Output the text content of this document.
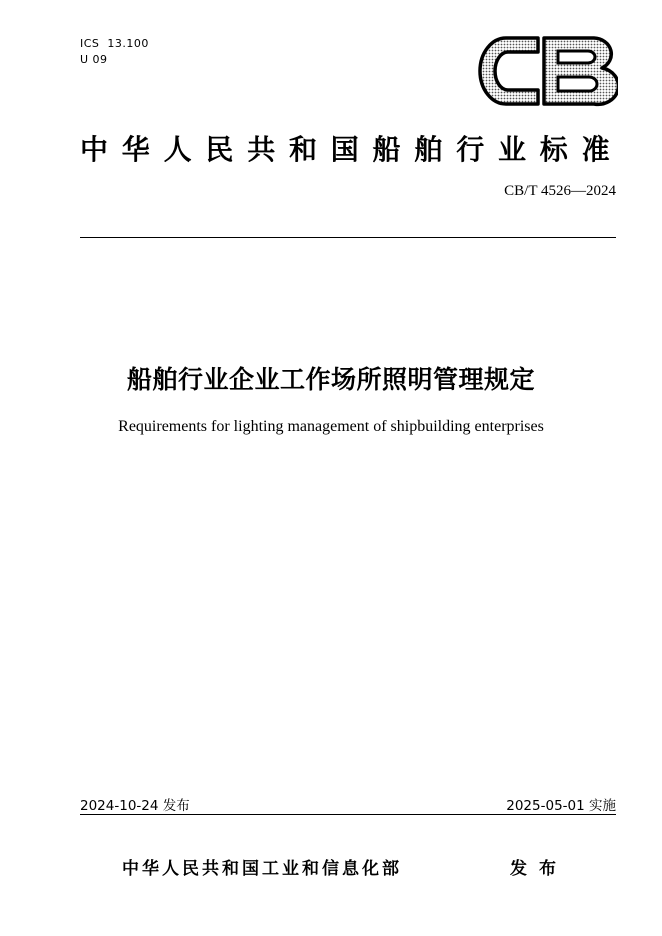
ICS  13.100
U 09
中华人民共和国船舶行业标准
CB/T 4526—2024
船舶行业企业工作场所照明管理规定
Requirements for lighting management of shipbuilding enterprises
2024-10-24 发布	2025-05-01 实施
中华人民共和国工业和信息化部	发布
